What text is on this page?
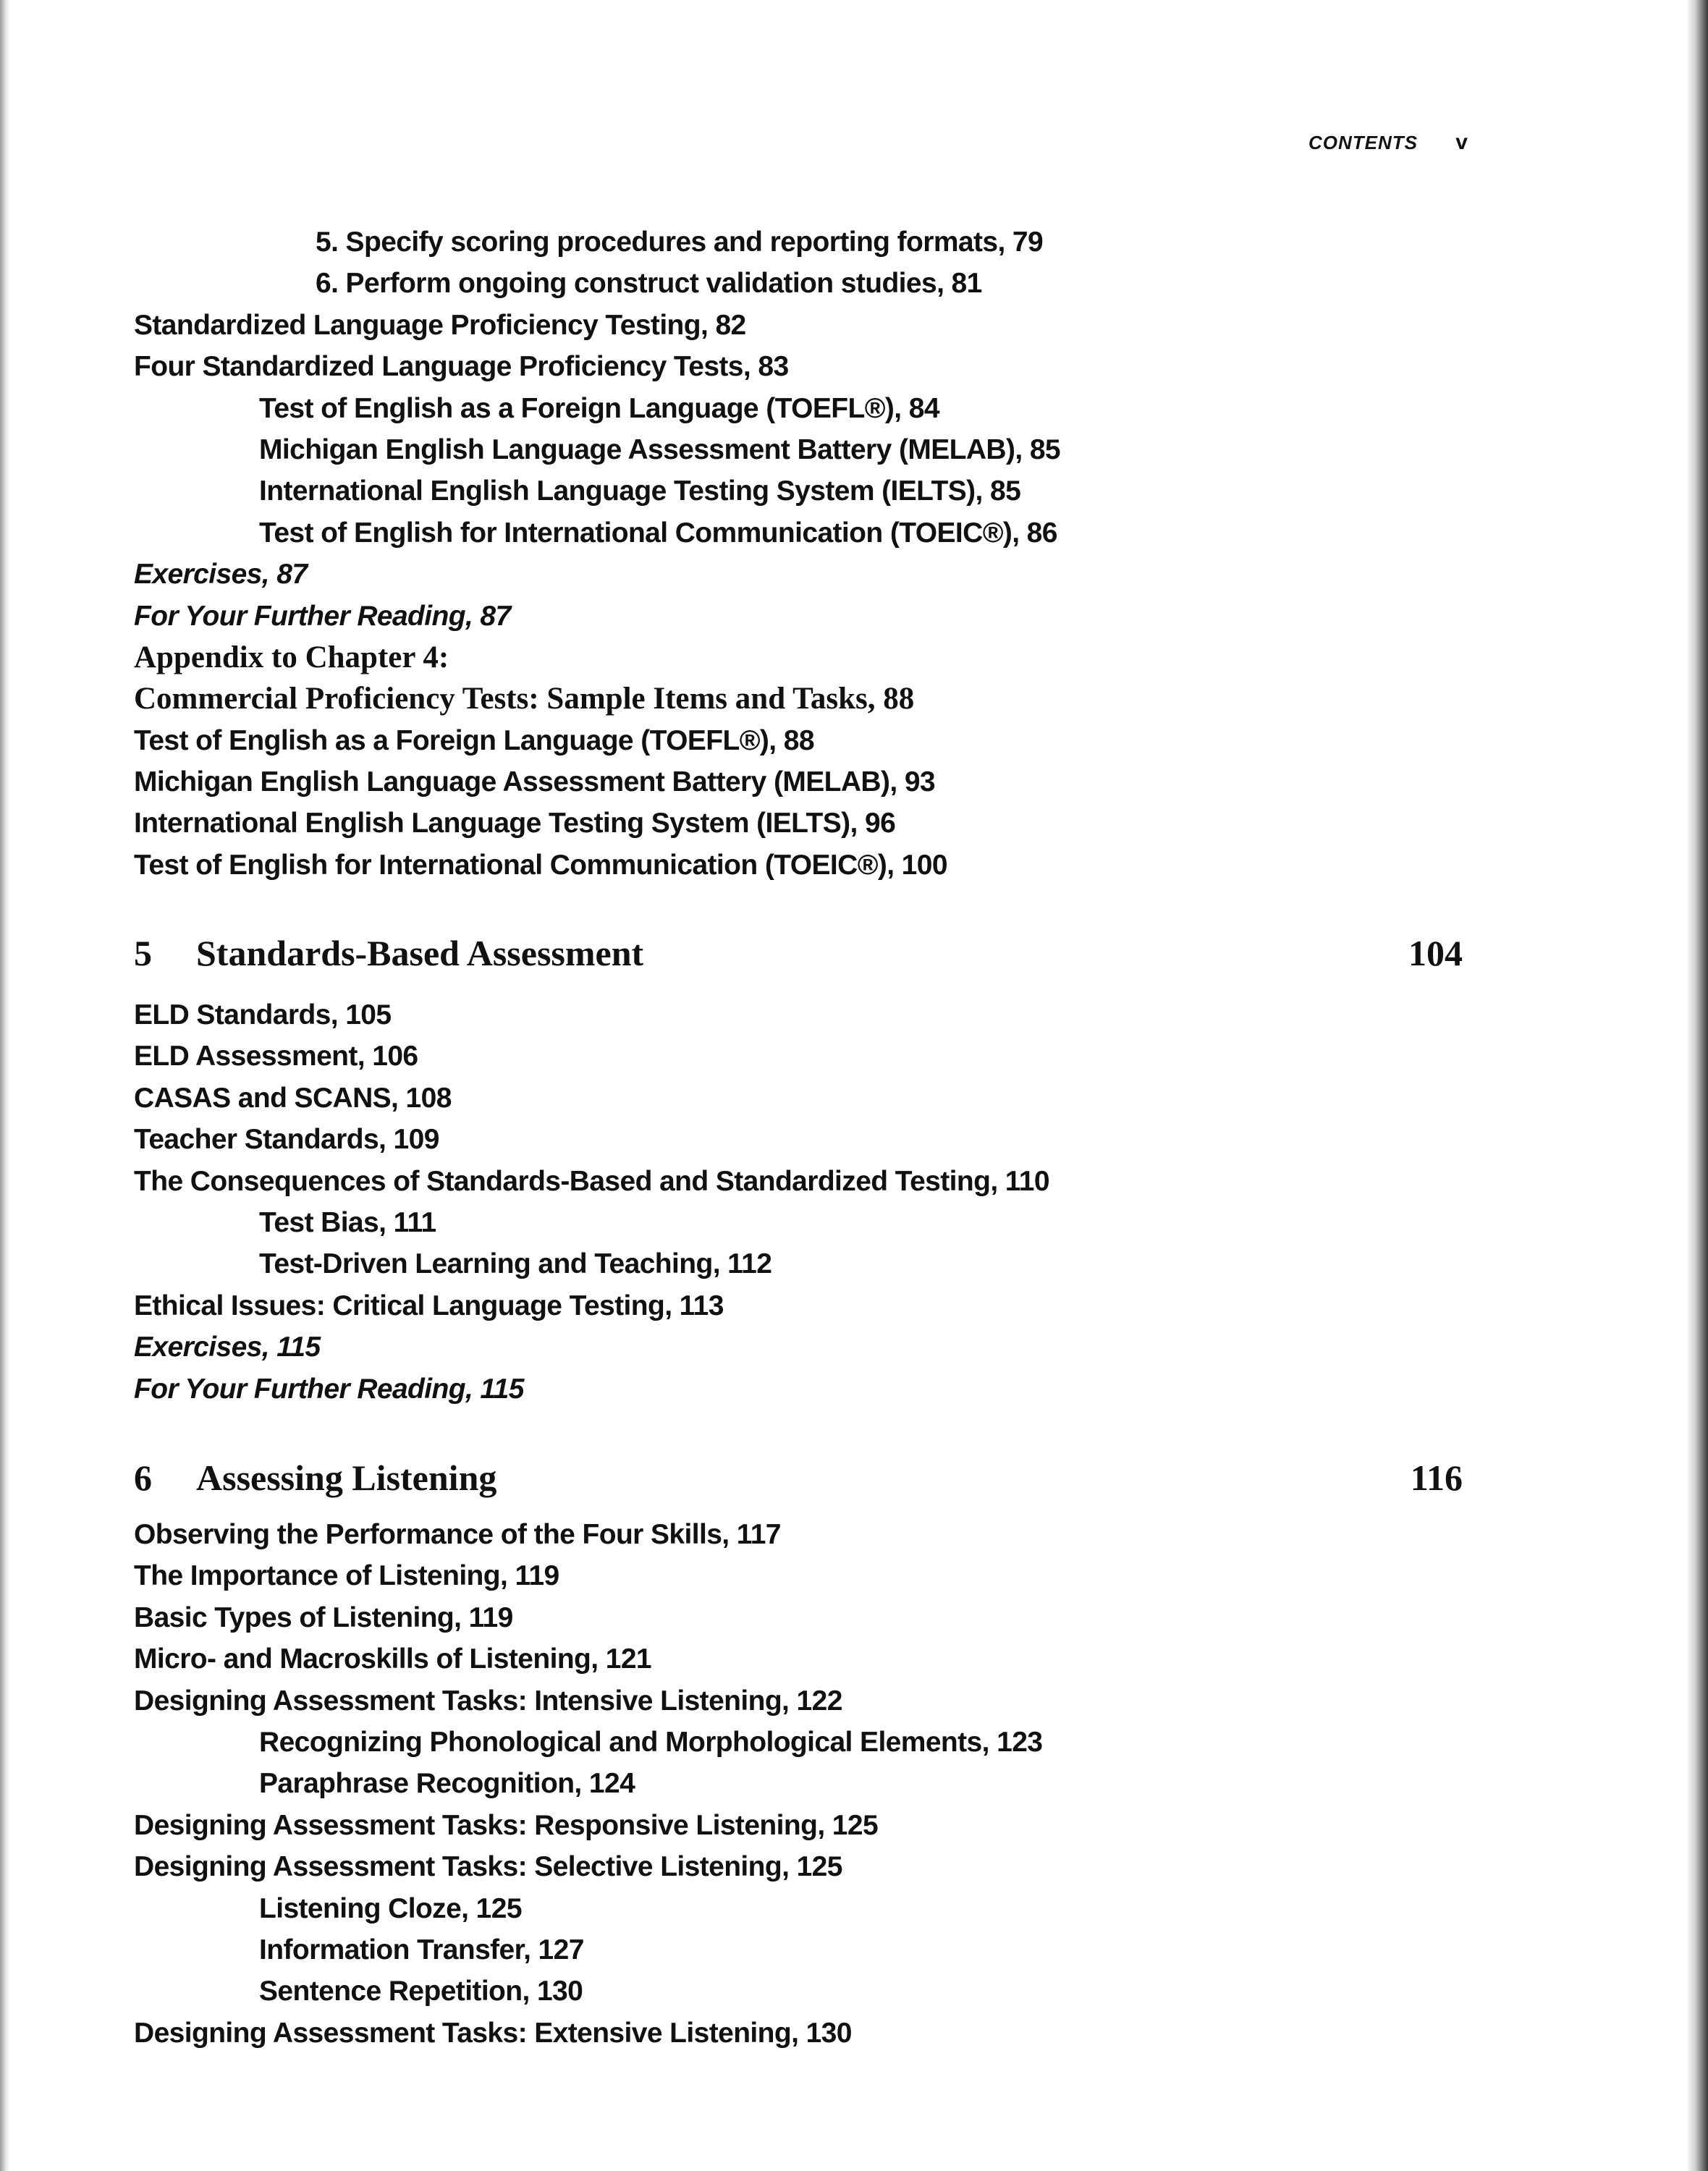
CONTENTS v
5. Specify scoring procedures and reporting formats, 79
6. Perform ongoing construct validation studies, 81
Standardized Language Proficiency Testing, 82
Four Standardized Language Proficiency Tests, 83
Test of English as a Foreign Language (TOEFL®), 84
Michigan English Language Assessment Battery (MELAB), 85
International English Language Testing System (IELTS), 85
Test of English for International Communication (TOEIC®), 86
Exercises, 87
For Your Further Reading, 87
Appendix to Chapter 4:
Commercial Proficiency Tests: Sample Items and Tasks, 88
Test of English as a Foreign Language (TOEFL®), 88
Michigan English Language Assessment Battery (MELAB), 93
International English Language Testing System (IELTS), 96
Test of English for International Communication (TOEIC®), 100
5	Standards-Based Assessment	104
ELD Standards, 105
ELD Assessment, 106
CASAS and SCANS, 108
Teacher Standards, 109
The Consequences of Standards-Based and Standardized Testing, 110
Test Bias, 111
Test-Driven Learning and Teaching, 112
Ethical Issues: Critical Language Testing, 113
Exercises, 115
For Your Further Reading, 115
6	Assessing Listening	116
Observing the Performance of the Four Skills, 117
The Importance of Listening, 119
Basic Types of Listening, 119
Micro- and Macroskills of Listening, 121
Designing Assessment Tasks: Intensive Listening, 122
Recognizing Phonological and Morphological Elements, 123
Paraphrase Recognition, 124
Designing Assessment Tasks: Responsive Listening, 125
Designing Assessment Tasks: Selective Listening, 125
Listening Cloze, 125
Information Transfer, 127
Sentence Repetition, 130
Designing Assessment Tasks: Extensive Listening, 130
